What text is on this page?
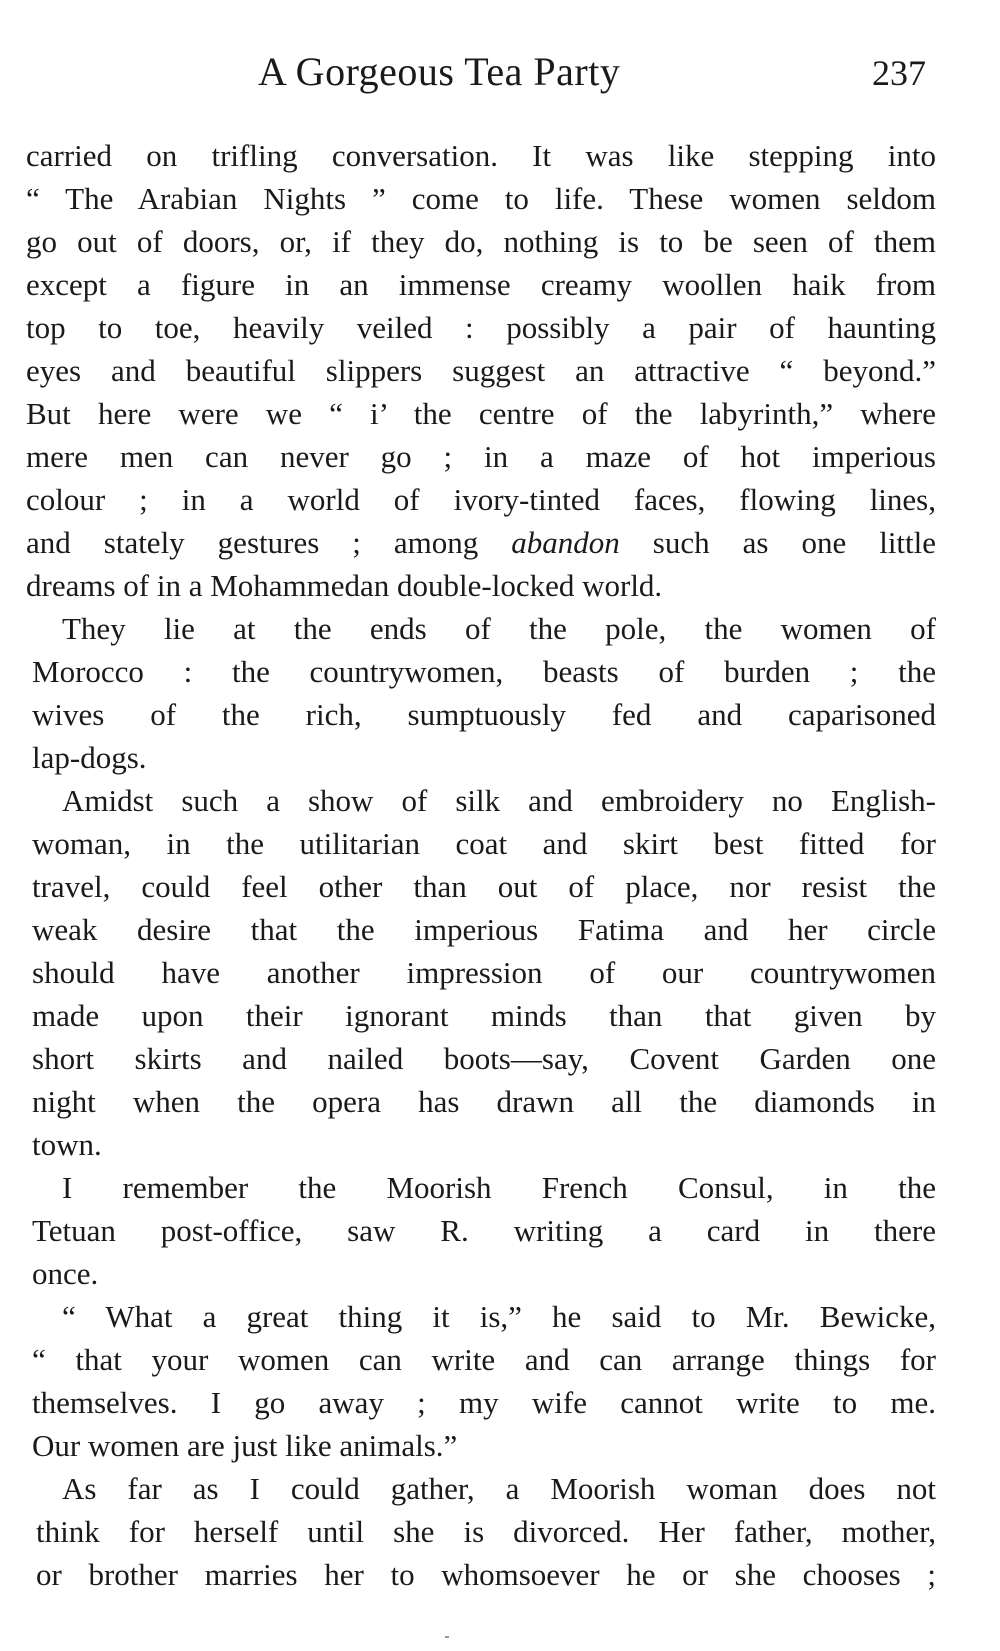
A Gorgeous Tea Party	237
carried on trifling conversation. It was like stepping into
“ The Arabian Nights ” come to life. These women seldom
go out of doors, or, if they do, nothing is to be seen of them
except a figure in an immense creamy woollen haik from
top to toe, heavily veiled : possibly a pair of haunting
eyes and beautiful slippers suggest an attractive “ beyond.”
But here were we “ i’ the centre of the labyrinth,” where
mere men can never go ; in a maze of hot imperious
colour ; in a world of ivory-tinted faces, flowing lines,
and stately gestures ; among abandon such as one little
dreams of in a Mohammedan double-locked world.
They lie at the ends of the pole, the women of
Morocco : the countrywomen, beasts of burden ; the
wives of the rich, sumptuously fed and caparisoned
lap-dogs.
Amidst such a show of silk and embroidery no English-
woman, in the utilitarian coat and skirt best fitted for
travel, could feel other than out of place, nor resist the
weak desire that the imperious Fatima and her circle
should have another impression of our countrywomen
made upon their ignorant minds than that given by
short skirts and nailed boots—say, Covent Garden one
night when the opera has drawn all the diamonds in
town.
I remember the Moorish French Consul, in the
Tetuan post-office, saw R. writing a card in there
once.
“ What a great thing it is,” he said to Mr. Bewicke,
“ that your women can write and can arrange things for
themselves. I go away ; my wife cannot write to me.
Our women are just like animals.”
As far as I could gather, a Moorish woman does not
think for herself until she is divorced. Her father, mother,
or brother marries her to whomsoever he or she chooses ;
